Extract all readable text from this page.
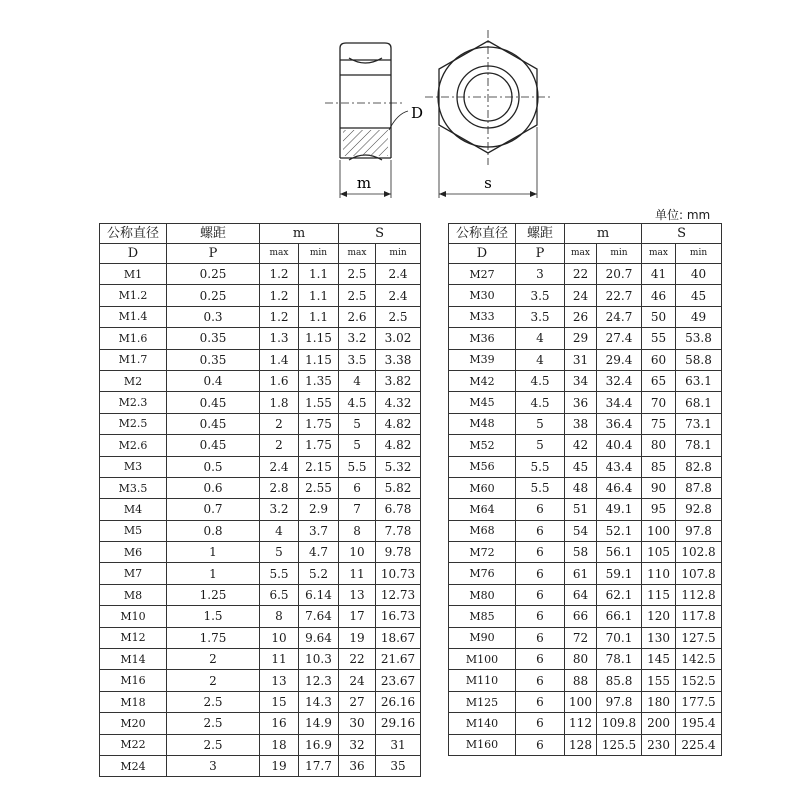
m
D
s
单位: mm
公称直径	螺距	m		S	
D	P				
		max	min	max	min
M1	0.25	1.2	1.1	2.5	2.4
M1.2	0.25	1.2	1.1	2.5	2.4
M1.4	0.3	1.2	1.1	2.6	2.5
M1.6	0.35	1.3	1.15	3.2	3.02
M1.7	0.35	1.4	1.15	3.5	3.38
M2	0.4	1.6	1.35	4	3.82
M2.3	0.45	1.8	1.55	4.5	4.32
M2.5	0.45	2	1.75	5	4.82
M2.6	0.45	2	1.75	5	4.82
M3	0.5	2.4	2.15	5.5	5.32
M3.5	0.6	2.8	2.55	6	5.82
M4	0.7	3.2	2.9	7	6.78
M5	0.8	4	3.7	8	7.78
M6	1	5	4.7	10	9.78
M7	1	5.5	5.2	11	10.73
M8	1.25	6.5	6.14	13	12.73
M10	1.5	8	7.64	17	16.73
M12	1.75	10	9.64	19	18.67
M14	2	11	10.3	22	21.67
M16	2	13	12.3	24	23.67
M18	2.5	15	14.3	27	26.16
M20	2.5	16	14.9	30	29.16
M22	2.5	18	16.9	32	31
M24	3	19	17.7	36	35
公称直径	螺距	m		S	
D	P				
		max	min	max	min
M27	3	22	20.7	41	40
M30	3.5	24	22.7	46	45
M33	3.5	26	24.7	50	49
M36	4	29	27.4	55	53.8
M39	4	31	29.4	60	58.8
M42	4.5	34	32.4	65	63.1
M45	4.5	36	34.4	70	68.1
M48	5	38	36.4	75	73.1
M52	5	42	40.4	80	78.1
M56	5.5	45	43.4	85	82.8
M60	5.5	48	46.4	90	87.8
M64	6	51	49.1	95	92.8
M68	6	54	52.1	100	97.8
M72	6	58	56.1	105	102.8
M76	6	61	59.1	110	107.8
M80	6	64	62.1	115	112.8
M85	6	66	66.1	120	117.8
M90	6	72	70.1	130	127.5
M100	6	80	78.1	145	142.5
M110	6	88	85.8	155	152.5
M125	6	100	97.8	180	177.5
M140	6	112	109.8	200	195.4
M160	6	128	125.5	230	225.4
